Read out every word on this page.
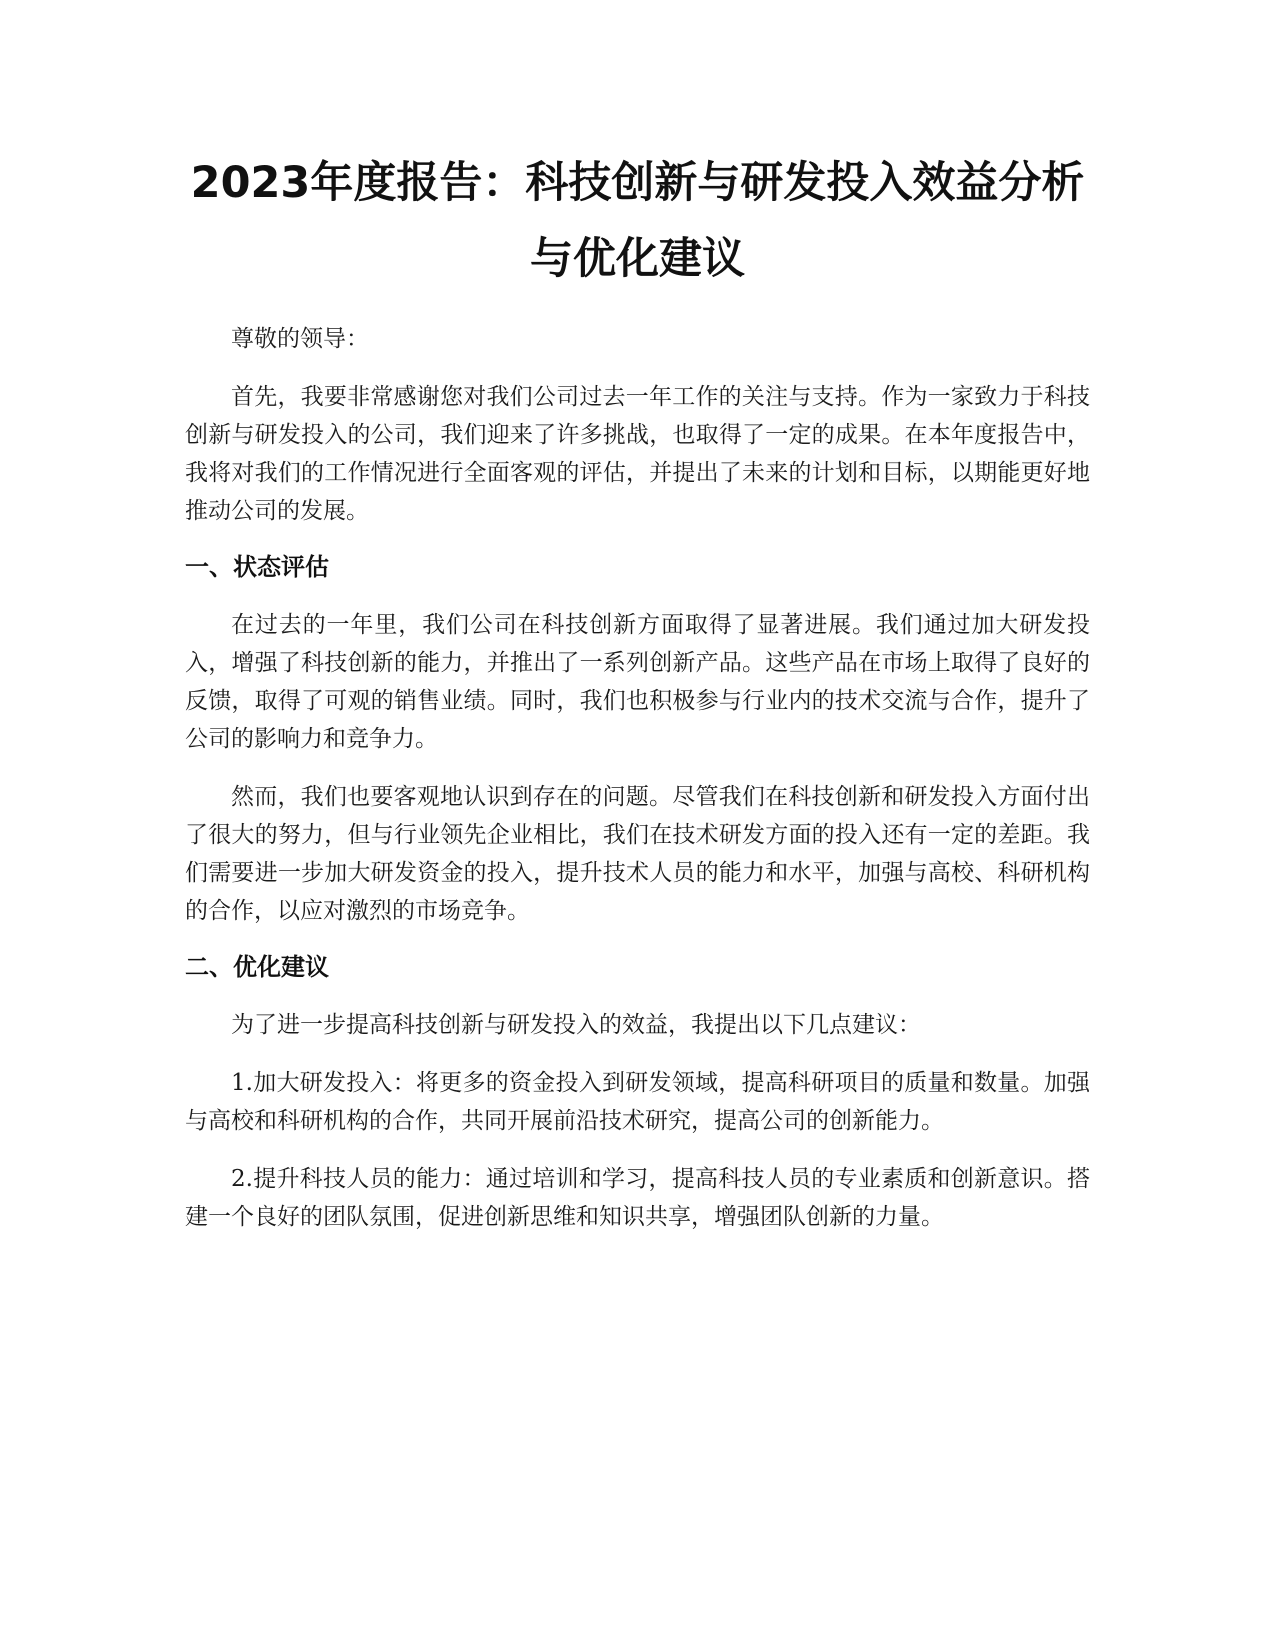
2023年度报告：科技创新与研发投入效益分析与优化建议

尊敬的领导：

首先，我要非常感谢您对我们公司过去一年工作的关注与支持。作为一家致力于科技创新与研发投入的公司，我们迎来了许多挑战，也取得了一定的成果。在本年度报告中，我将对我们的工作情况进行全面客观的评估，并提出了未来的计划和目标，以期能更好地推动公司的发展。

一、状态评估

在过去的一年里，我们公司在科技创新方面取得了显著进展。我们通过加大研发投入，增强了科技创新的能力，并推出了一系列创新产品。这些产品在市场上取得了良好的反馈，取得了可观的销售业绩。同时，我们也积极参与行业内的技术交流与合作，提升了公司的影响力和竞争力。

然而，我们也要客观地认识到存在的问题。尽管我们在科技创新和研发投入方面付出了很大的努力，但与行业领先企业相比，我们在技术研发方面的投入还有一定的差距。我们需要进一步加大研发资金的投入，提升技术人员的能力和水平，加强与高校、科研机构的合作，以应对激烈的市场竞争。

二、优化建议

为了进一步提高科技创新与研发投入的效益，我提出以下几点建议：

1.加大研发投入：将更多的资金投入到研发领域，提高科研项目的质量和数量。加强与高校和科研机构的合作，共同开展前沿技术研究，提高公司的创新能力。

2.提升科技人员的能力：通过培训和学习，提高科技人员的专业素质和创新意识。搭建一个良好的团队氛围，促进创新思维和知识共享，增强团队创新的力量。
